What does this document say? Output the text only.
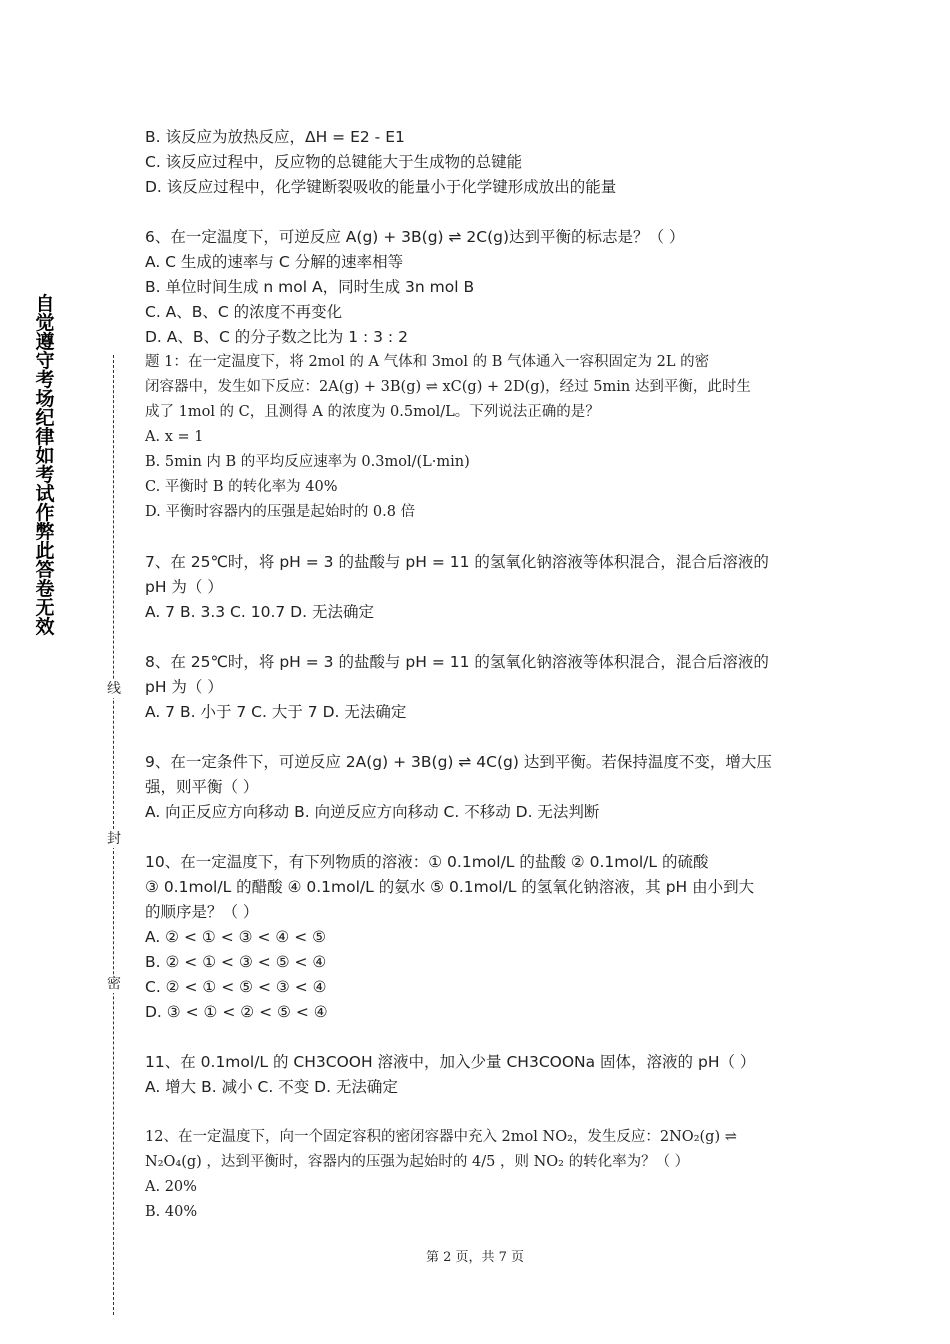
自觉遵守考场纪律如考试作弊此答卷无效
线
封
密
B. 该反应为放热反应，ΔH = E2 - E1
C. 该反应过程中，反应物的总键能大于生成物的总键能
D. 该反应过程中，化学键断裂吸收的能量小于化学键形成放出的能量
6、在一定温度下，可逆反应 A(g) + 3B(g) ⇌ 2C(g)达到平衡的标志是？（ ）
A. C 生成的速率与 C 分解的速率相等
B. 单位时间生成 n mol A，同时生成 3n mol B
C. A、B、C 的浓度不再变化
D. A、B、C 的分子数之比为 1 : 3 : 2
题 1：在一定温度下，将 2mol 的 A 气体和 3mol 的 B 气体通入一容积固定为 2L 的密
闭容器中，发生如下反应：2A(g) + 3B(g) ⇌ xC(g) + 2D(g)，经过 5min 达到平衡，此时生
成了 1mol 的 C，且测得 A 的浓度为 0.5mol/L。下列说法正确的是？
A. x = 1
B. 5min 内 B 的平均反应速率为 0.3mol/(L·min)
C. 平衡时 B 的转化率为 40%
D. 平衡时容器内的压强是起始时的 0.8 倍
7、在 25℃时，将 pH = 3 的盐酸与 pH = 11 的氢氧化钠溶液等体积混合，混合后溶液的
pH 为（ ）
A. 7 B. 3.3 C. 10.7 D. 无法确定
8、在 25℃时，将 pH = 3 的盐酸与 pH = 11 的氢氧化钠溶液等体积混合，混合后溶液的
pH 为（ ）
A. 7 B. 小于 7 C. 大于 7 D. 无法确定
9、在一定条件下，可逆反应 2A(g) + 3B(g) ⇌ 4C(g) 达到平衡。若保持温度不变，增大压
强，则平衡（ ）
A. 向正反应方向移动 B. 向逆反应方向移动 C. 不移动 D. 无法判断
10、在一定温度下，有下列物质的溶液：① 0.1mol/L 的盐酸 ② 0.1mol/L 的硫酸
③ 0.1mol/L 的醋酸 ④ 0.1mol/L 的氨水 ⑤ 0.1mol/L 的氢氧化钠溶液，其 pH 由小到大
的顺序是？（ ）
A. ② < ① < ③ < ④ < ⑤
B. ② < ① < ③ < ⑤ < ④
C. ② < ① < ⑤ < ③ < ④
D. ③ < ① < ② < ⑤ < ④
11、在 0.1mol/L 的 CH3COOH 溶液中，加入少量 CH3COONa 固体，溶液的 pH（ ）
A. 增大 B. 减小 C. 不变 D. 无法确定
12、在一定温度下，向一个固定容积的密闭容器中充入 2mol NO₂，发生反应：2NO₂(g) ⇌
N₂O₄(g) ，达到平衡时，容器内的压强为起始时的 4/5 ，则 NO₂ 的转化率为？（ ）
A. 20%
B. 40%
第 2 页，共 7 页
